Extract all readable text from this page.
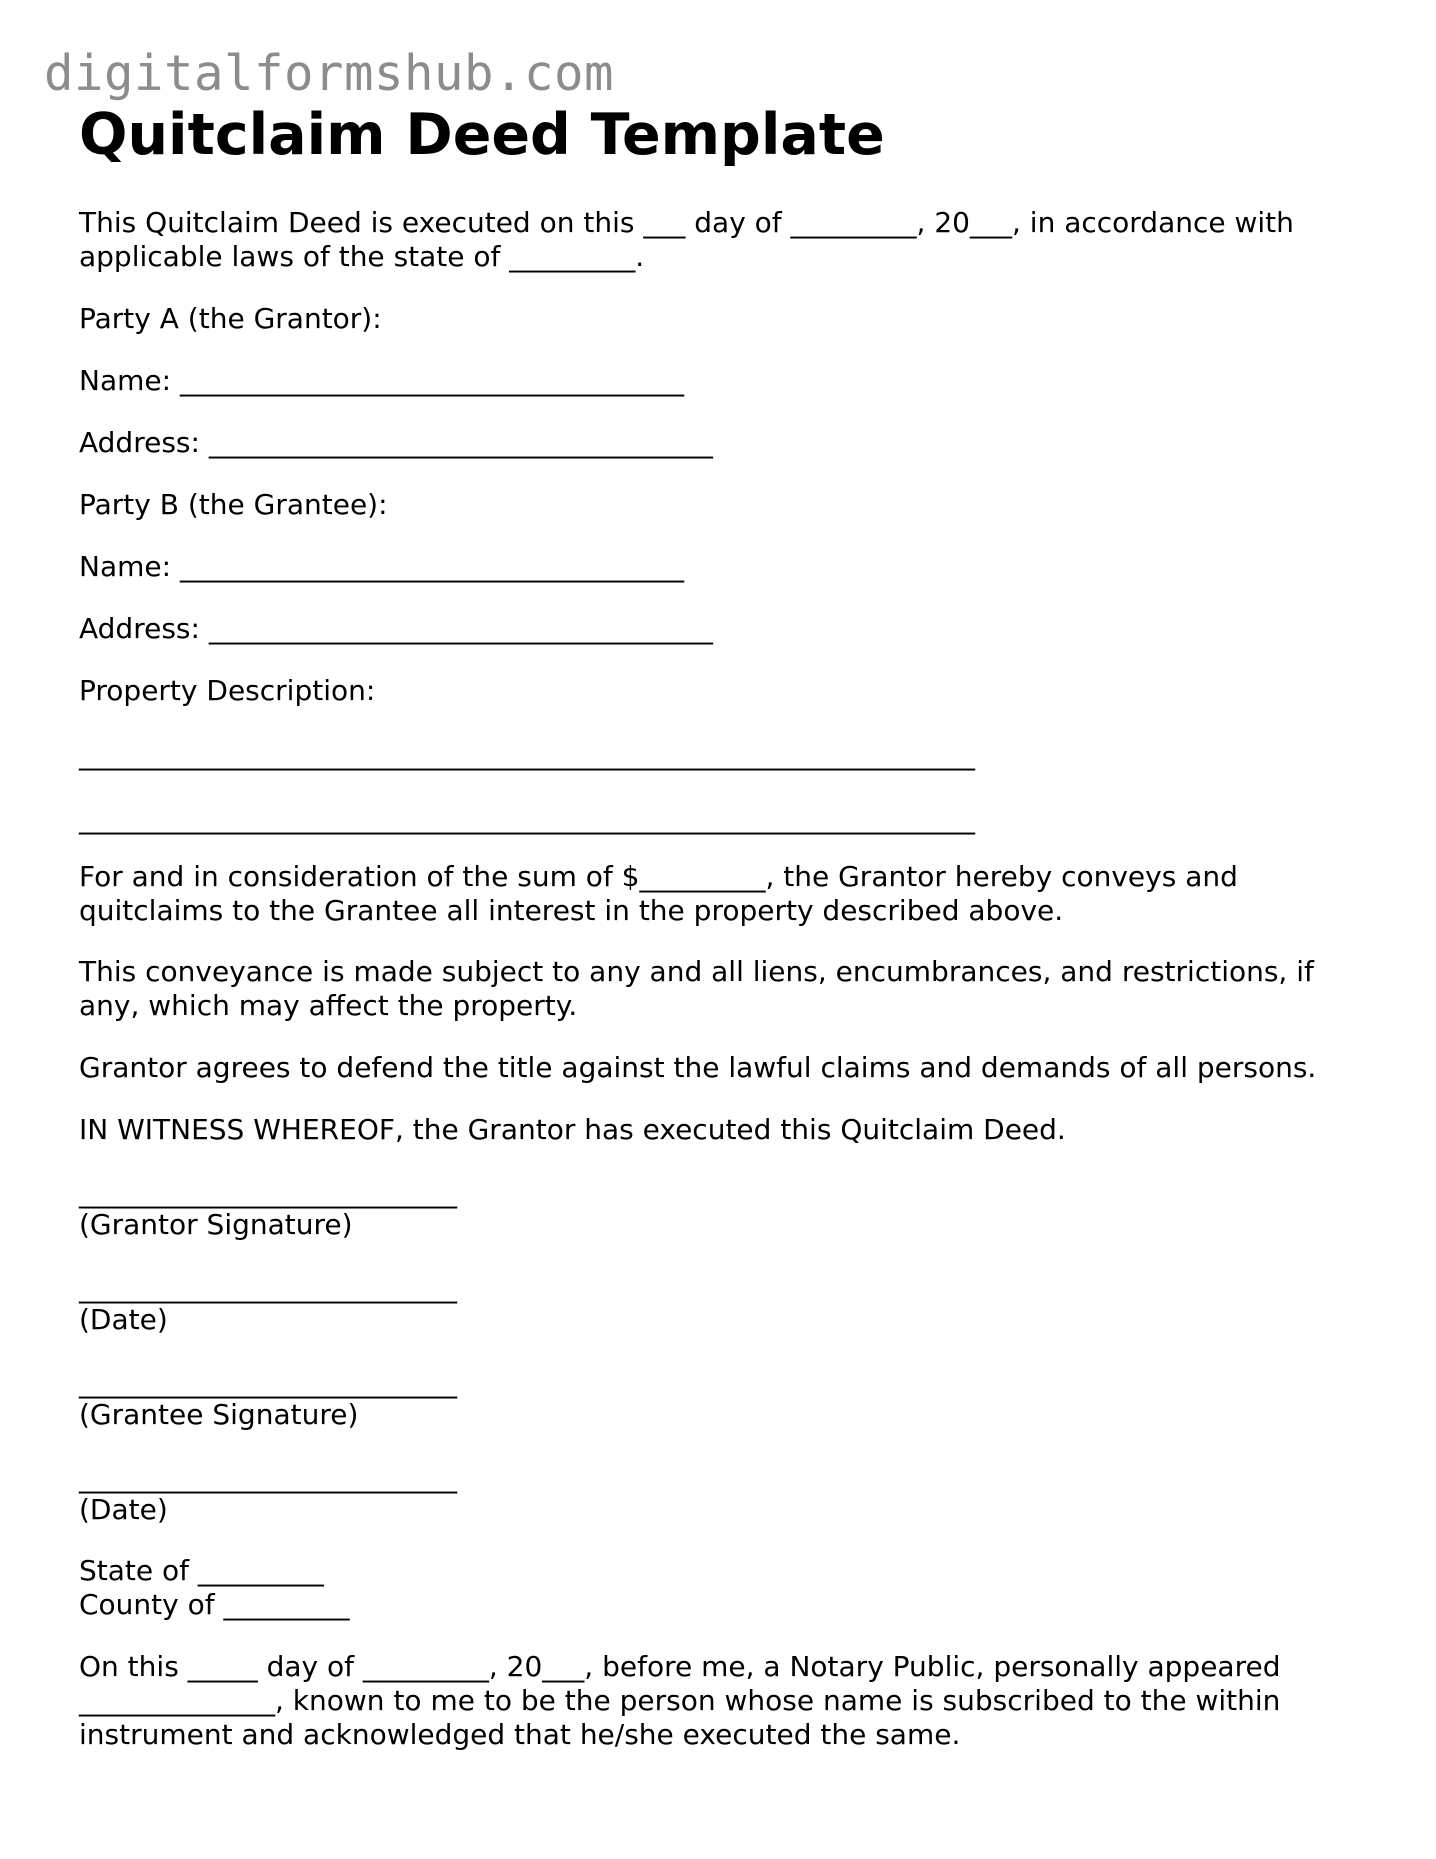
digitalformshub.com
Quitclaim Deed Template
This Quitclaim Deed is executed on this ___ day of _________, 20___, in accordance with
applicable laws of the state of _________.
Party A (the Grantor):
Name: ____________________________________
Address: ____________________________________
Party B (the Grantee):
Name: ____________________________________
Address: ____________________________________
Property Description:
________________________________________________________________
________________________________________________________________
For and in consideration of the sum of $_________, the Grantor hereby conveys and
quitclaims to the Grantee all interest in the property described above.
This conveyance is made subject to any and all liens, encumbrances, and restrictions, if
any, which may affect the property.
Grantor agrees to defend the title against the lawful claims and demands of all persons.
IN WITNESS WHEREOF, the Grantor has executed this Quitclaim Deed.
___________________________
(Grantor Signature)
___________________________
(Date)
___________________________
(Grantee Signature)
___________________________
(Date)
State of _________
County of _________
On this _____ day of _________, 20___, before me, a Notary Public, personally appeared
______________, known to me to be the person whose name is subscribed to the within
instrument and acknowledged that he/she executed the same.
